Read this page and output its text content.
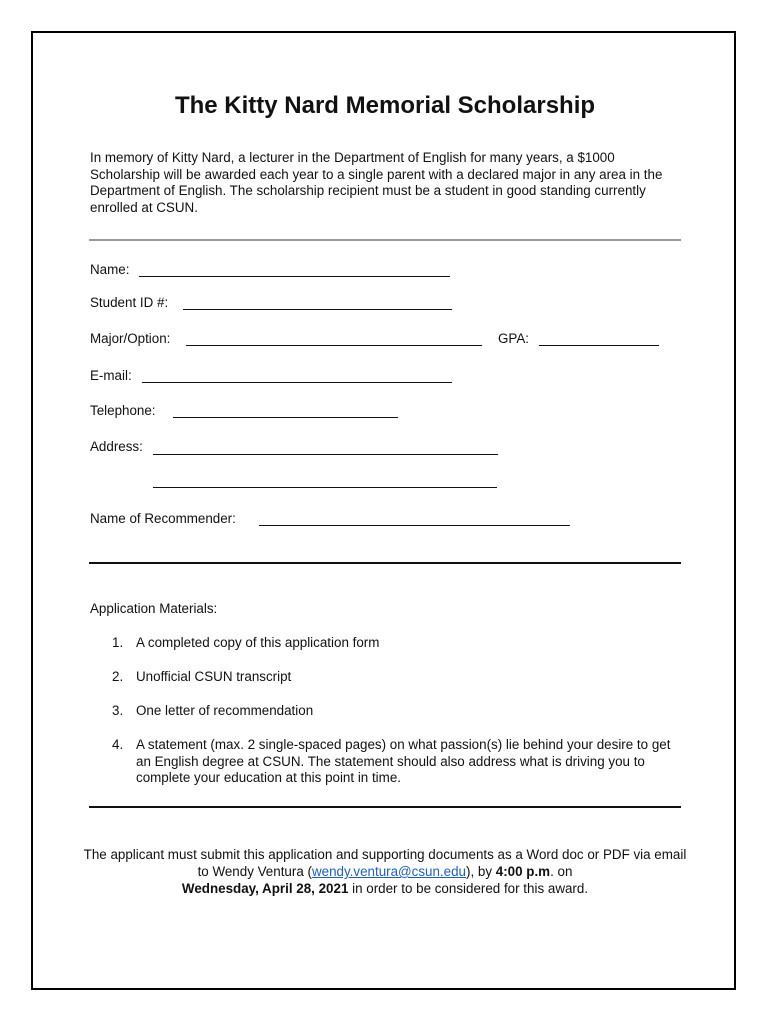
The Kitty Nard Memorial Scholarship

In memory of Kitty Nard, a lecturer in the Department of English for many years, a $1000 Scholarship will be awarded each year to a single parent with a declared major in any area in the Department of English. The scholarship recipient must be a student in good standing currently enrolled at CSUN.

Name:
Student ID #:
Major/Option:	GPA:
E-mail:
Telephone:
Address:
Name of Recommender:

Application Materials:

1. A completed copy of this application form
2. Unofficial CSUN transcript
3. One letter of recommendation
4. A statement (max. 2 single-spaced pages) on what passion(s) lie behind your desire to get an English degree at CSUN. The statement should also address what is driving you to complete your education at this point in time.

The applicant must submit this application and supporting documents as a Word doc or PDF via email to Wendy Ventura (wendy.ventura@csun.edu), by 4:00 p.m. on
Wednesday, April 28, 2021 in order to be considered for this award.
